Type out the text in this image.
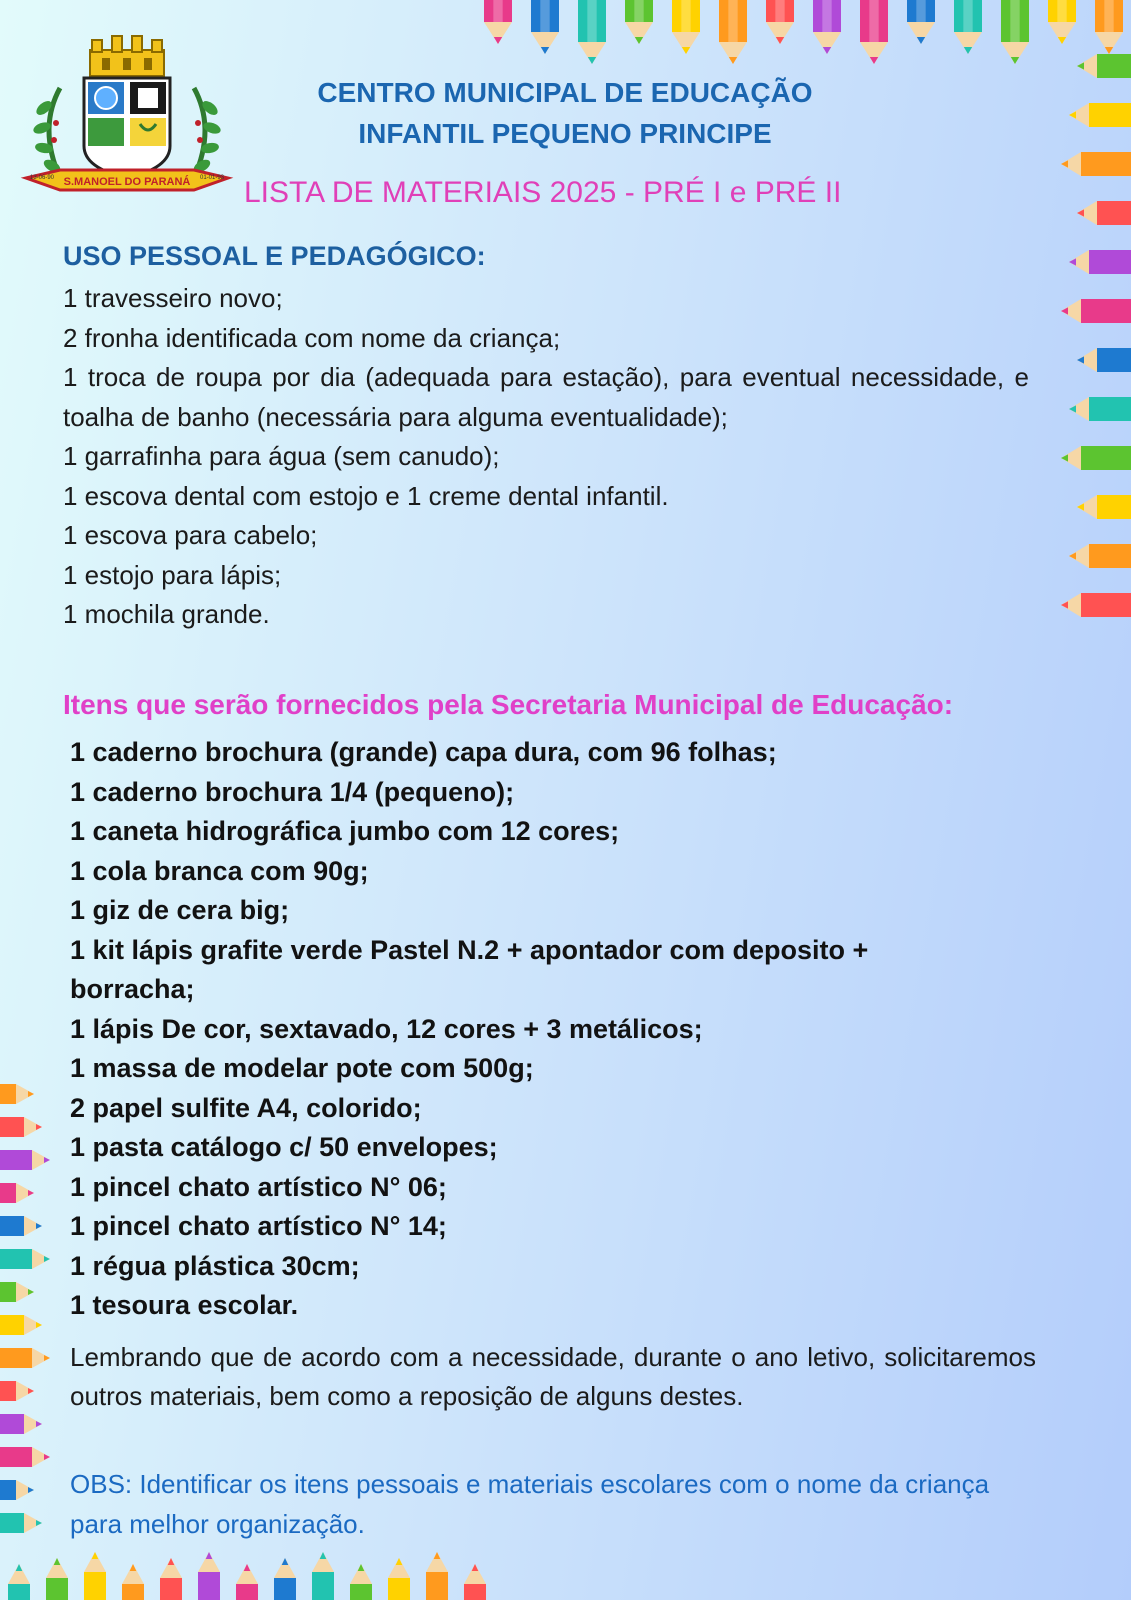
S.MANOEL DO PARANÁ
13-06-90	01-01-93
CENTRO MUNICIPAL DE EDUCAÇÃO
INFANTIL PEQUENO PRINCIPE
LISTA DE MATERIAIS 2025 - PRÉ I e PRÉ II
USO PESSOAL E PEDAGÓGICO:
1 travesseiro novo;
2 fronha identificada com nome da criança;
1 troca de roupa por dia (adequada para estação), para eventual necessidade, e toalha de banho (necessária para alguma eventualidade);
1 garrafinha para água (sem canudo);
1 escova dental com estojo e 1 creme dental infantil.
1 escova para cabelo;
1 estojo para lápis;
1 mochila grande.
Itens que serão fornecidos pela Secretaria Municipal de Educação:
1 caderno brochura (grande) capa dura, com 96 folhas;
1 caderno brochura 1/4 (pequeno);
1 caneta hidrográfica jumbo com 12 cores;
1 cola branca com 90g;
1 giz de cera big;
1 kit lápis grafite verde Pastel N.2 + apontador com deposito + borracha;
1 lápis De cor, sextavado, 12 cores + 3 metálicos;
1 massa de modelar pote com 500g;
2 papel sulfite A4, colorido;
1 pasta catálogo c/ 50 envelopes;
1 pincel chato artístico N° 06;
1 pincel chato artístico N° 14;
1 régua plástica 30cm;
1 tesoura escolar.
Lembrando que de acordo com a necessidade, durante o ano letivo, solicitaremos outros materiais, bem como a reposição de alguns destes.
OBS: Identificar os itens pessoais e materiais escolares com o nome da criança para melhor organização.
